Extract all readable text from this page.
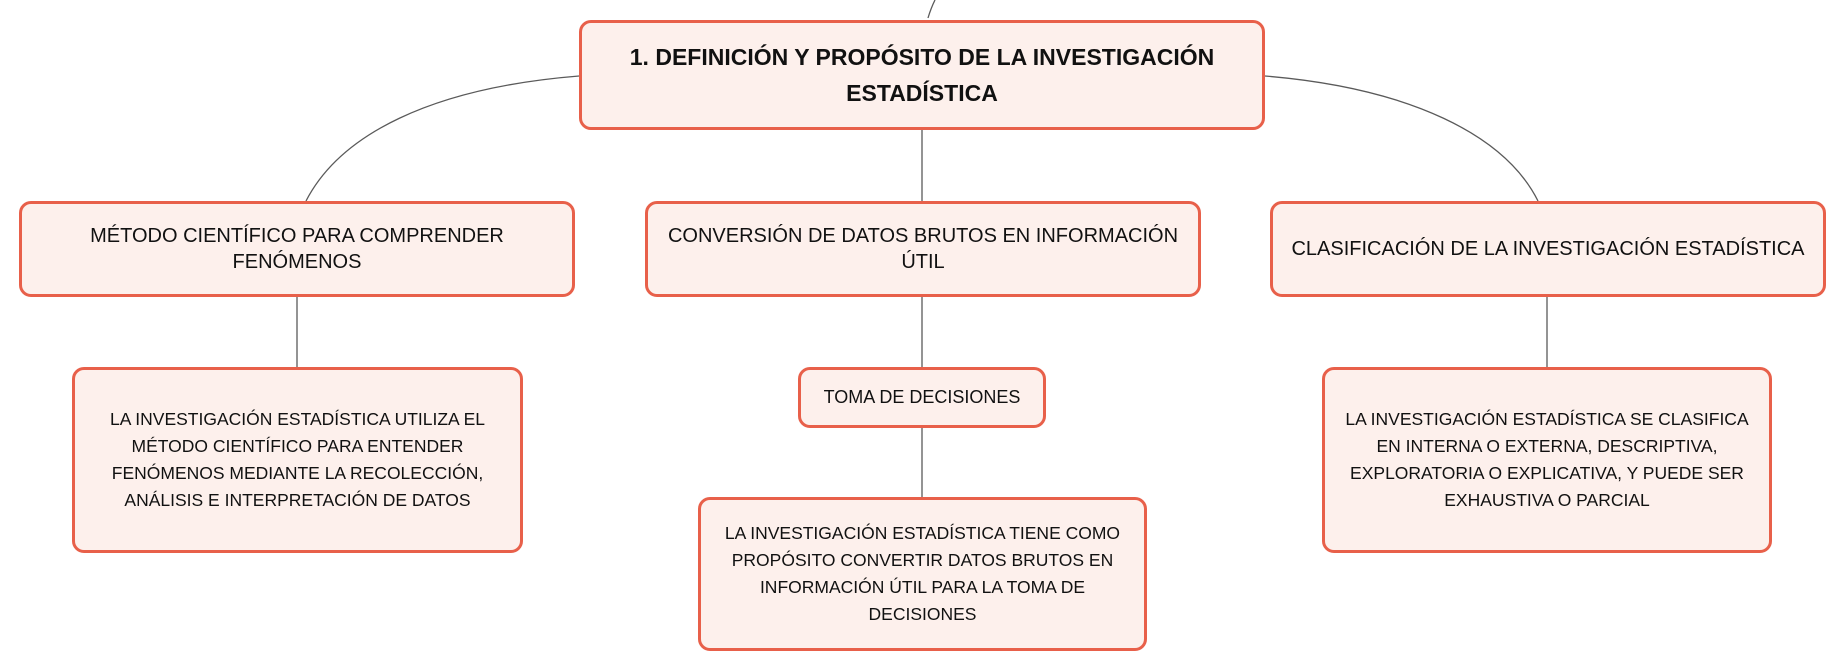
1. DEFINICIÓN Y PROPÓSITO DE LA INVESTIGACIÓN ESTADÍSTICA
MÉTODO CIENTÍFICO PARA COMPRENDER FENÓMENOS
CONVERSIÓN DE DATOS BRUTOS EN INFORMACIÓN ÚTIL
CLASIFICACIÓN DE LA INVESTIGACIÓN ESTADÍSTICA
LA INVESTIGACIÓN ESTADÍSTICA UTILIZA EL MÉTODO CIENTÍFICO PARA ENTENDER FENÓMENOS MEDIANTE LA RECOLECCIÓN, ANÁLISIS E INTERPRETACIÓN DE DATOS
TOMA DE DECISIONES
LA INVESTIGACIÓN ESTADÍSTICA TIENE COMO PROPÓSITO CONVERTIR DATOS BRUTOS EN INFORMACIÓN ÚTIL PARA LA TOMA DE DECISIONES
LA INVESTIGACIÓN ESTADÍSTICA SE CLASIFICA EN INTERNA O EXTERNA, DESCRIPTIVA, EXPLORATORIA O EXPLICATIVA, Y PUEDE SER EXHAUSTIVA O PARCIAL
